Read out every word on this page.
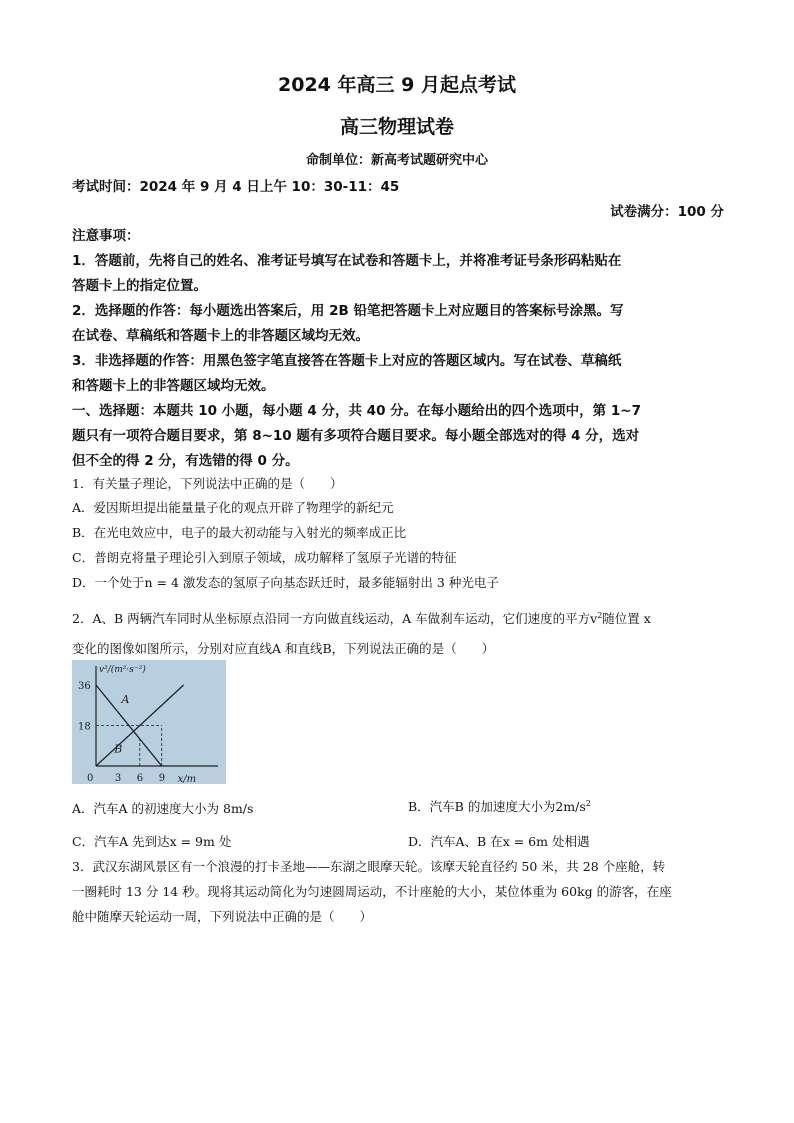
2024 年高三 9 月起点考试
高三物理试卷
命制单位：新高考试题研究中心
考试时间：2024 年 9 月 4 日上午 10：30-11：45
试卷满分：100 分
注意事项：
1．答题前，先将自己的姓名、准考证号填写在试卷和答题卡上，并将准考证号条形码粘贴在
答题卡上的指定位置。
2．选择题的作答：每小题选出答案后，用 2B 铅笔把答题卡上对应题目的答案标号涂黑。写
在试卷、草稿纸和答题卡上的非答题区域均无效。
3．非选择题的作答：用黑色签字笔直接答在答题卡上对应的答题区域内。写在试卷、草稿纸
和答题卡上的非答题区域均无效。
一、选择题：本题共 10 小题，每小题 4 分，共 40 分。在每小题给出的四个选项中，第 1~7
题只有一项符合题目要求，第 8~10 题有多项符合题目要求。每小题全部选对的得 4 分，选对
但不全的得 2 分，有选错的得 0 分。
1．有关量子理论，下列说法中正确的是（　　）
A．爱因斯坦提出能量量子化的观点开辟了物理学的新纪元
B．在光电效应中，电子的最大初动能与入射光的频率成正比
C．普朗克将量子理论引入到原子领域，成功解释了氢原子光谱的特征
D．一个处于n = 4 激发态的氢原子向基态跃迁时，最多能辐射出 3 种光电子
2．A、B 两辆汽车同时从坐标原点沿同一方向做直线运动，A 车做刹车运动，它们速度的平方$v^2$随位置 x
变化的图像如图所示，分别对应直线A 和直线B，下列说法正确的是（　　）
x/m
v²/(m²·s⁻²)
18
36
0 3 6 9
A
B
A．汽车A 的初速度大小为 8m/s	B．汽车B 的加速度大小为$2m/s^2$
C．汽车A 先到达x = 9m 处	D．汽车A、B 在x = 6m 处相遇
3．武汉东湖风景区有一个浪漫的打卡圣地——东湖之眼摩天轮。该摩天轮直径约 50 米，共 28 个座舱，转
一圈耗时 13 分 14 秒。现将其运动简化为匀速圆周运动，不计座舱的大小，某位体重为 60kg 的游客，在座
舱中随摩天轮运动一周，下列说法中正确的是（　　）
